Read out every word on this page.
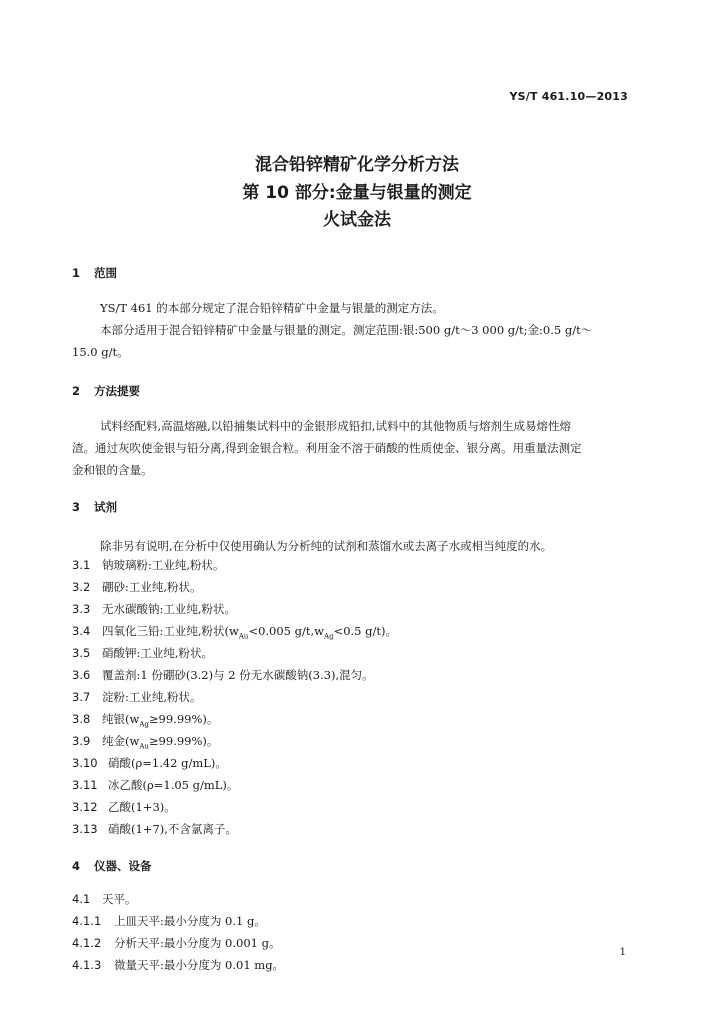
YS/T 461.10—2013
混合铅锌精矿化学分析方法
第 10 部分:金量与银量的测定
火试金法
1 范围
YS/T 461 的本部分规定了混合铅锌精矿中金量与银量的测定方法。
本部分适用于混合铅锌精矿中金量与银量的测定。测定范围:银:500 g/t～3 000 g/t;金:0.5 g/t～
15.0 g/t。
2 方法提要
试料经配料,高温熔融,以铅捕集试料中的金银形成铅扣,试料中的其他物质与熔剂生成易熔性熔
渣。通过灰吹使金银与铅分离,得到金银合粒。利用金不溶于硝酸的性质使金、银分离。用重量法测定
金和银的含量。
3 试剂
除非另有说明,在分析中仅使用确认为分析纯的试剂和蒸馏水或去离子水或相当纯度的水。
3.1 钠玻璃粉:工业纯,粉状。
3.2 硼砂:工业纯,粉状。
3.3 无水碳酸钠:工业纯,粉状。
3.4 四氧化三铅:工业纯,粉状($w_{Au}<0.005$ $g/t,w_{Ag}<0.5$ g/t)。
3.5 硝酸钾:工业纯,粉状。
3.6 覆盖剂:1 份硼砂(3.2)与 2 份无水碳酸钠(3.3),混匀。
3.7 淀粉:工业纯,粉状。
3.8 纯银$(w_{Ag}\ge 99.99\%)$。
3.9 纯金$(w_{Au}\ge 99.99\%)$。
3.10 硝酸(ρ=1.42 g/mL)。
3.11 冰乙酸(ρ=1.05 g/mL)。
3.12 乙酸(1+3)。
3.13 硝酸(1+7),不含氯离子。
4 仪器、设备
4.1 天平。
4.1.1 上皿天平:最小分度为 0.1 g。
4.1.2 分析天平:最小分度为 0.001 g。
4.1.3 微量天平:最小分度为 0.01 mg。
1
